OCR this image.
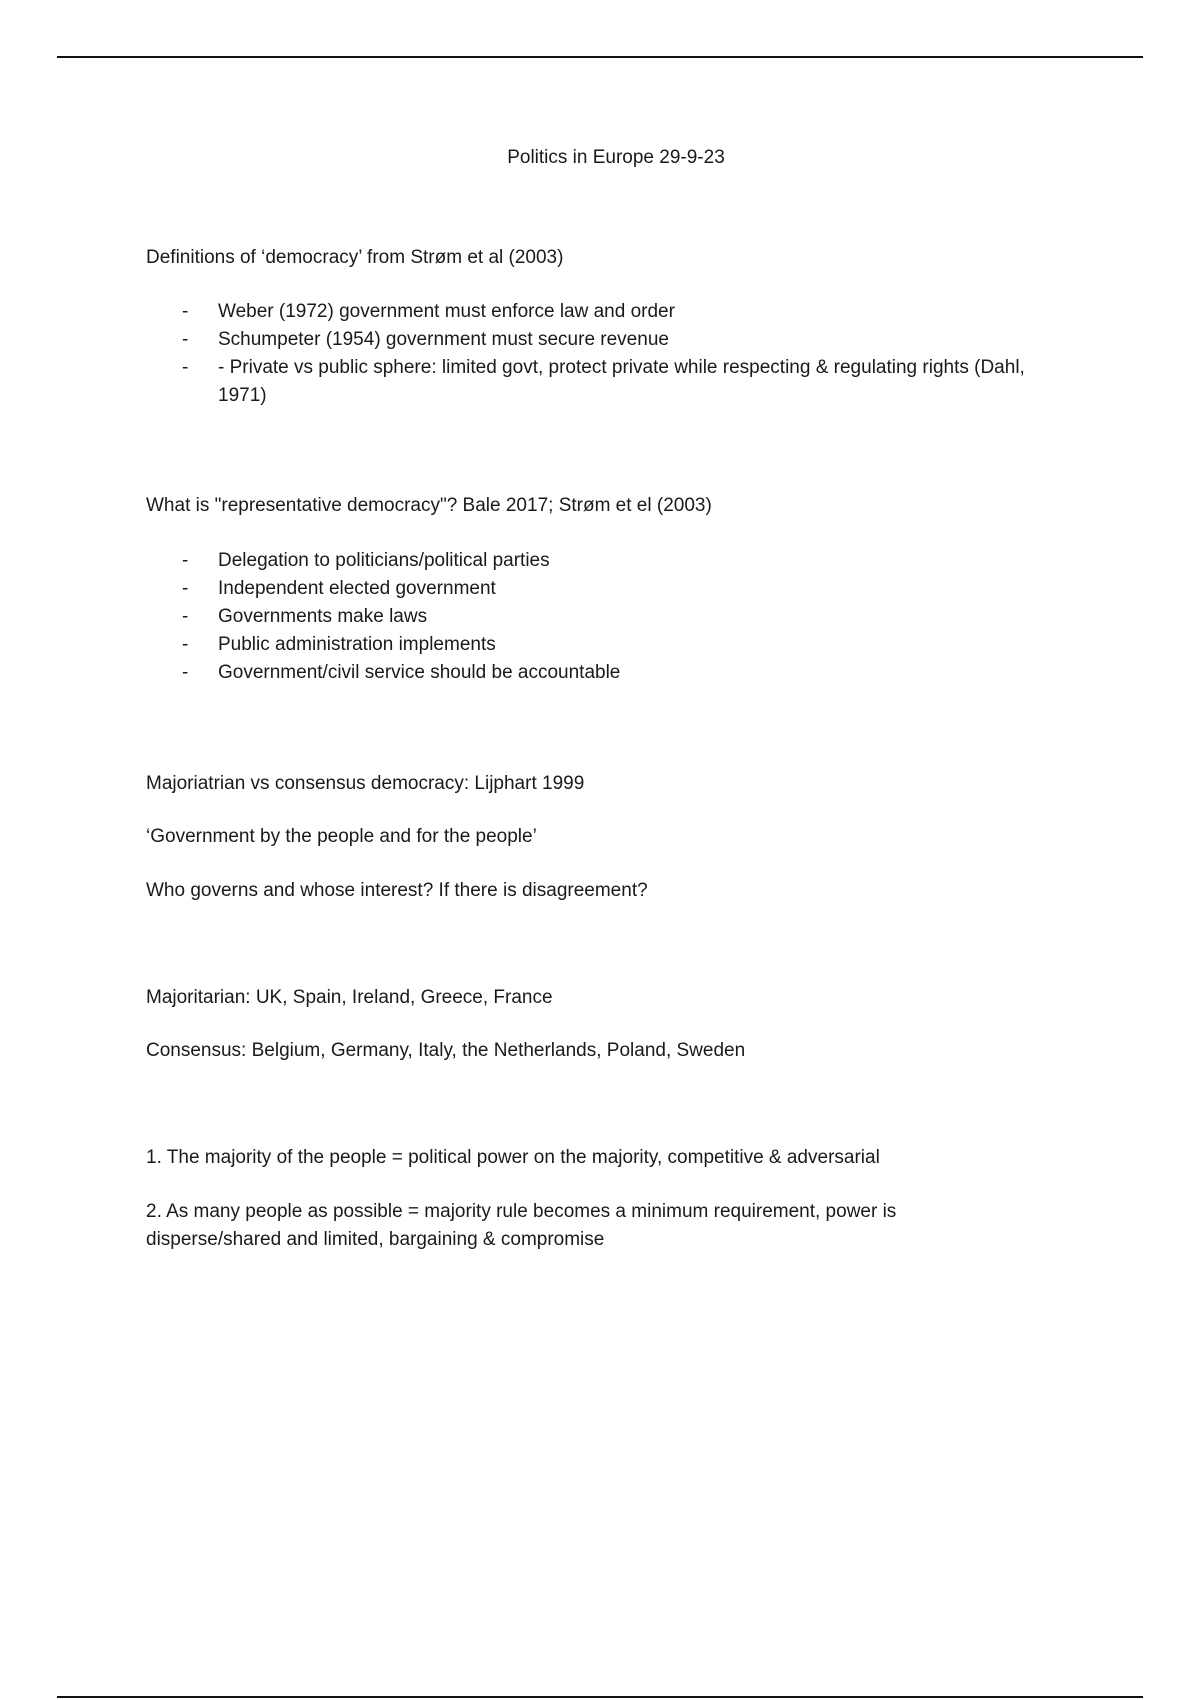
Politics in Europe 29-9-23

Definitions of ‘democracy’ from Strøm et al (2003)

- Weber (1972) government must enforce law and order
- Schumpeter (1954) government must secure revenue
- - Private vs public sphere: limited govt, protect private while respecting & regulating rights (Dahl, 1971)

What is "representative democracy"? Bale 2017; Strøm et el (2003)

- Delegation to politicians/political parties
- Independent elected government
- Governments make laws
- Public administration implements
- Government/civil service should be accountable

Majoriatrian vs consensus democracy: Lijphart 1999

‘Government by the people and for the people’

Who governs and whose interest? If there is disagreement?

Majoritarian: UK, Spain, Ireland, Greece, France

Consensus: Belgium, Germany, Italy, the Netherlands, Poland, Sweden

1. The majority of the people = political power on the majority, competitive & adversarial

2. As many people as possible = majority rule becomes a minimum requirement, power is disperse/shared and limited, bargaining & compromise
